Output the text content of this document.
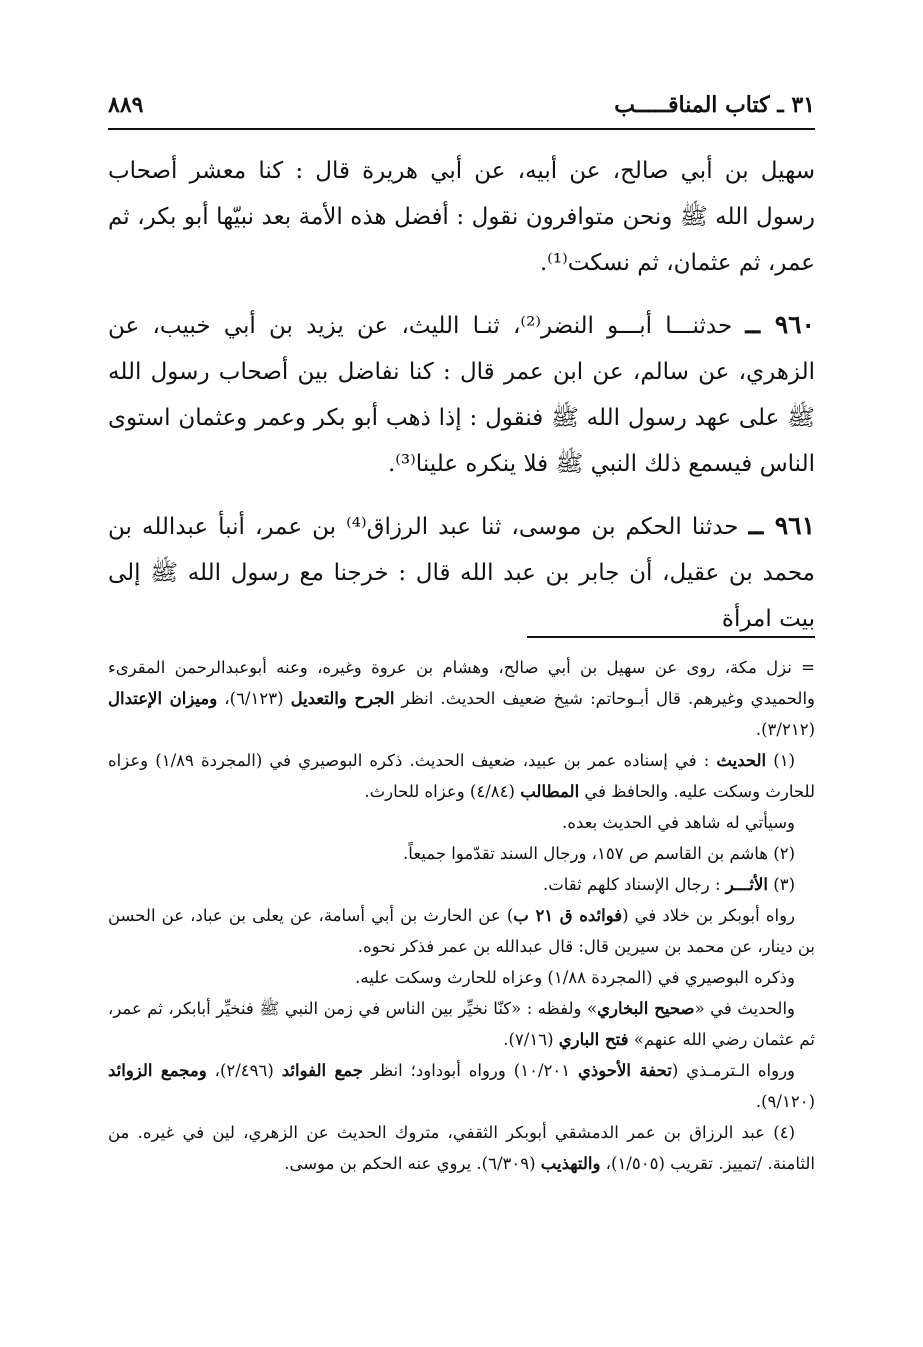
٣١ ـ كتاب المناقـــــب
٨٨٩

سهيل بن أبي صالح، عن أبيه، عن أبي هريرة قال : كنا معشر أصحاب رسول الله ﷺ ونحن متوافرون نقول : أفضل هذه الأمة بعد نبيّها أبو بكر، ثم عمر، ثم عثمان، ثم نسكت⁽¹⁾.

٩٦٠ ــ حدثنـــا أبـــو النضر⁽²⁾، ثنـا الليث، عن يزيد بن أبي خبيب، عن الزهري، عن سالم، عن ابن عمر قال : كنا نفاضل بين أصحاب رسول الله ﷺ على عهد رسول الله ﷺ فنقول : إذا ذهب أبو بكر وعمر وعثمان استوى الناس فيسمع ذلك النبي ﷺ فلا ينكره علينا⁽³⁾.

٩٦١ ــ حدثنا الحكم بن موسى، ثنا عبد الرزاق⁽⁴⁾ بن عمر، أنبأ عبدالله بن محمد بن عقيل، أن جابر بن عبد الله قال : خرجنا مع رسول الله ﷺ إلى بيت امرأة

= نزل مكة، روى عن سهيل بن أبي صالح، وهشام بن عروة وغيره، وعنه أبوعبدالرحمن المقرىء والحميدي وغيرهم. قال أبـوحاتم: شيخ ضعيف الحديث. انظر الجرح والتعديل (٦/١٢٣)، وميزان الإعتدال (٣/٢١٢).

(١) الحديث : في إسناده عمر بن عبيد، ضعيف الحديث. ذكره البوصيري في (المجردة ١/٨٩) وعزاه للحارث وسكت عليه. والحافظ في المطالب (٤/٨٤) وعزاه للحارث.

وسيأتي له شاهد في الحديث بعده.

(٢) هاشم بن القاسم ص ١٥٧، ورجال السند تقدّموا جميعاً.

(٣) الأثـــر : رجال الإسناد كلهم ثقات.

رواه أبوبكر بن خلاد في (فوائده ق ٢١ ب) عن الحارث بن أبي أسامة، عن يعلى بن عباد، عن الحسن بن دينار، عن محمد بن سيرين قال: قال عبدالله بن عمر فذكر نحوه.

وذكره البوصيري في (المجردة ١/٨٨) وعزاه للحارث وسكت عليه.

والحديث في «صحيح البخاري» ولفظه : «كنّا نخيِّر بين الناس في زمن النبي ﷺ فنخيِّر أبابكر، ثم عمر، ثم عثمان رضي الله عنهم» فتح الباري (٧/١٦).

ورواه الـترمـذي (تحفة الأحوذي ١٠/٢٠١) ورواه أبوداود؛ انظر جمع الفوائد (٢/٤٩٦)، ومجمع الزوائد (٩/١٢٠).

(٤) عبد الرزاق بن عمر الدمشقي أبوبكر الثقفي، متروك الحديث عن الزهري، لين في غيره. من الثامنة. /تمييز. تقريب (١/٥٠٥)، والتهذيب (٦/٣٠٩). يروي عنه الحكم بن موسى.
